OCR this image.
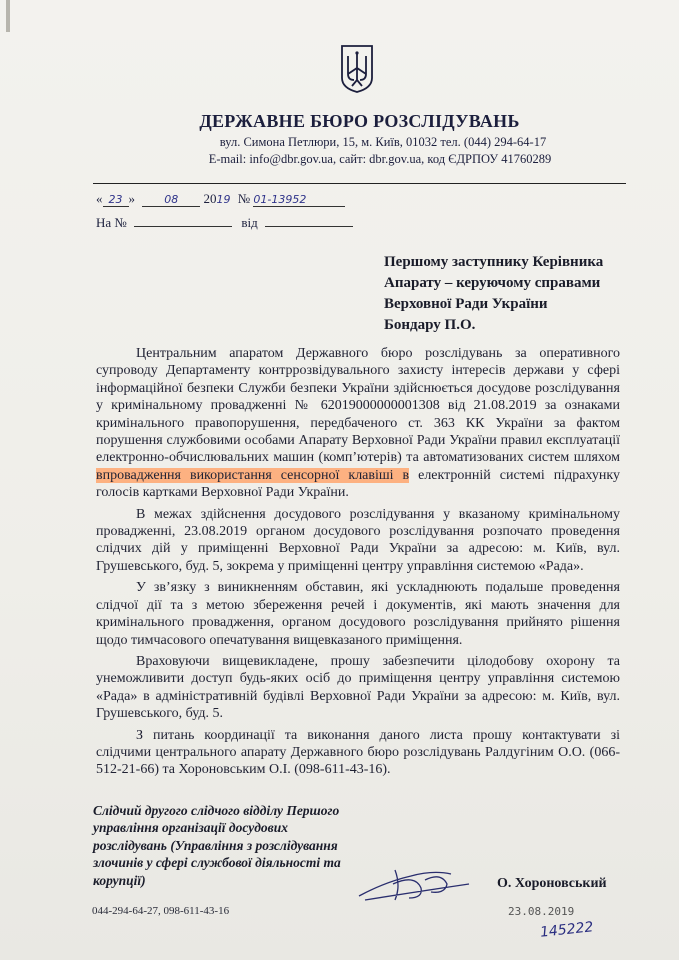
ДЕРЖАВНЕ БЮРО РОЗСЛІДУВАНЬ
вул. Симона Петлюри, 15, м. Київ, 01032 тел. (044) 294-64-17
E-mail: info@dbr.gov.ua, сайт: dbr.gov.ua, код ЄДРПОУ 41760289
« 23 » 08 2019 № 01-13952
На №	від
Першому заступнику Керівника
Апарату – керуючому справами
Верховної Ради України
Бондару П.О.

Центральним апаратом Державного бюро розслідувань за оперативного супроводу Департаменту контррозвідувального захисту інтересів держави у сфері інформаційної безпеки Служби безпеки України здійснюється досудове розслідування у кримінальному провадженні № 62019000000001308 від 21.08.2019 за ознаками кримінального правопорушення, передбаченого ст. 363 КК України за фактом порушення службовими особами Апарату Верховної Ради України правил експлуатації електронно-обчислювальних машин (комп’ютерів) та автоматизованих систем шляхом впровадження використання сенсорної клавіші в електронній системі підрахунку голосів картками Верховної Ради України.

В межах здійснення досудового розслідування у вказаному кримінальному провадженні, 23.08.2019 органом досудового розслідування розпочато проведення слідчих дій у приміщенні Верховної Ради України за адресою: м. Київ, вул. Грушевського, буд. 5, зокрема у приміщенні центру управління системою «Рада».

У зв’язку з виникненням обставин, які ускладнюють подальше проведення слідчої дії та з метою збереження речей і документів, які мають значення для кримінального провадження, органом досудового розслідування прийнято рішення щодо тимчасового опечатування вищевказаного приміщення.

Враховуючи вищевикладене, прошу забезпечити цілодобову охорону та унеможливити доступ будь-яких осіб до приміщення центру управління системою «Рада» в адміністративній будівлі Верховної Ради України за адресою: м. Київ, вул. Грушевського, буд. 5.

З питань координації та виконання даного листа прошу контактувати зі слідчими центрального апарату Державного бюро розслідувань Ралдугіним О.О. (066-512-21-66) та Хороновським О.І. (098-611-43-16).

Слідчий другого слідчого відділу Першого управління організації досудових розслідувань (Управління з розслідування злочинів у сфері службової діяльності та корупції)	О. Хороновський
044-294-64-27, 098-611-43-16	23.08.2019
145222
